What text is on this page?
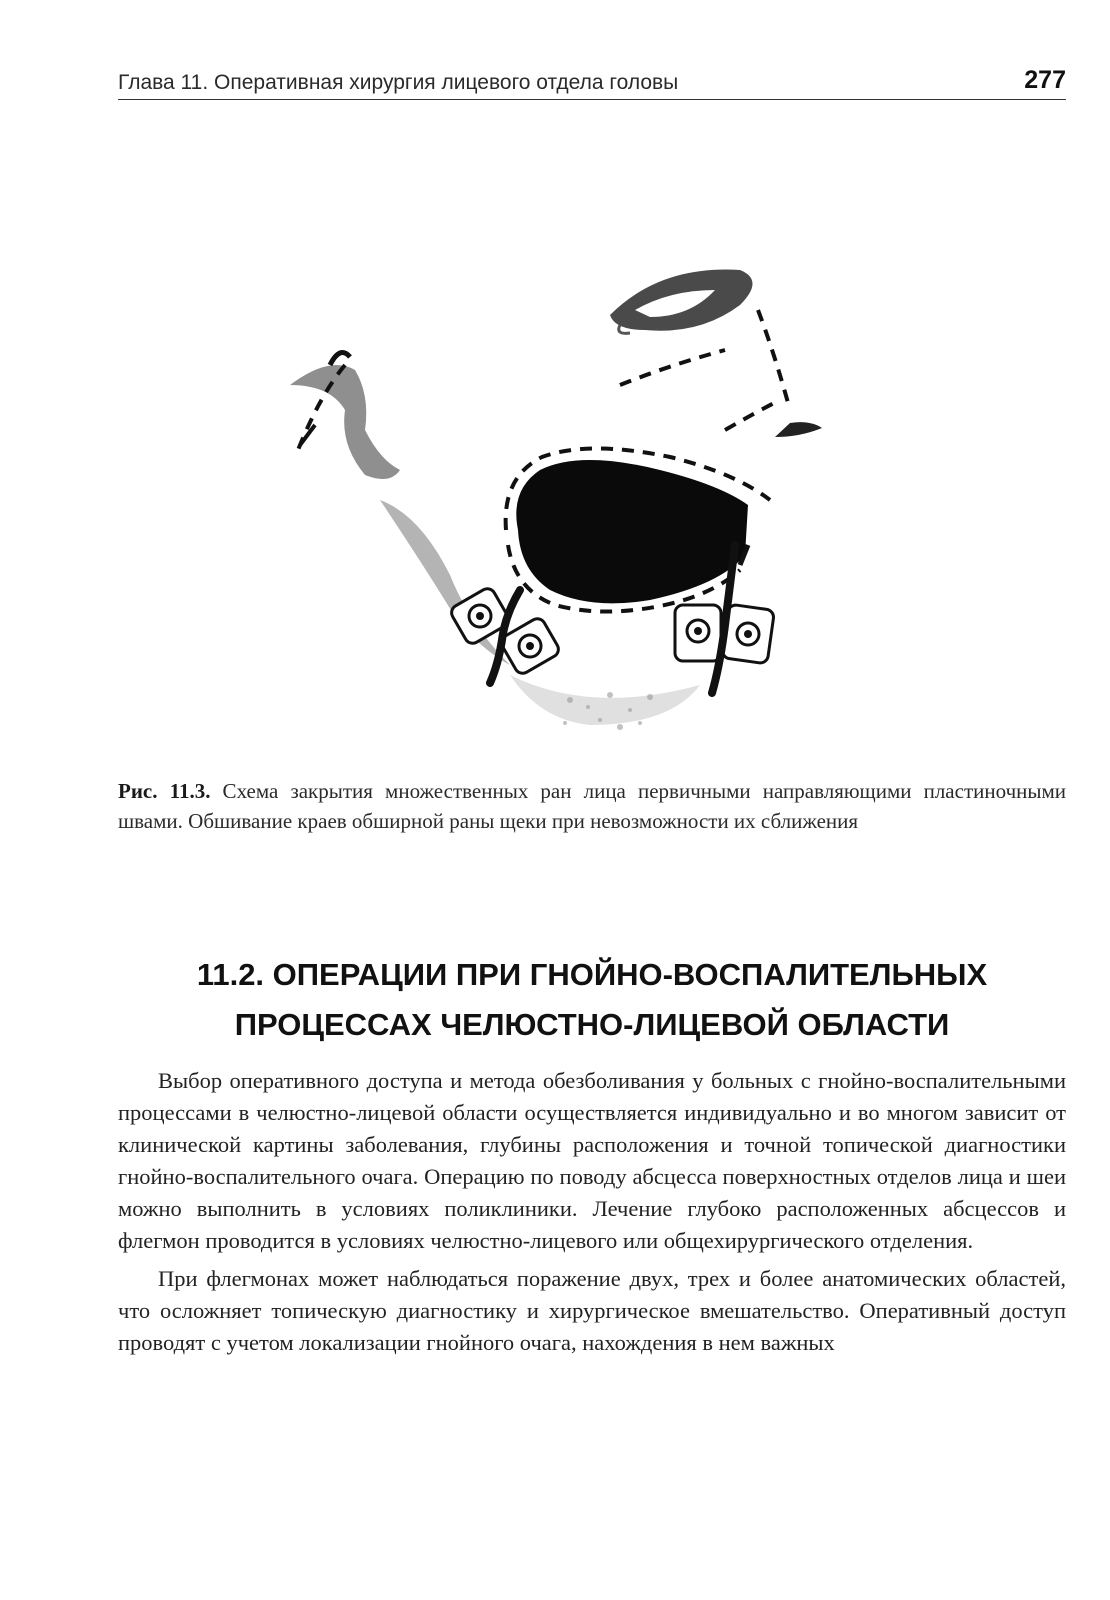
Глава 11. Оперативная хирургия лицевого отдела головы	277
Рис. 11.3. Схема закрытия множественных ран лица первичными направляющими пластиночными швами. Обшивание краев обширной раны щеки при невозможности их сближения
11.2. ОПЕРАЦИИ ПРИ ГНОЙНО-ВОСПАЛИТЕЛЬНЫХ
ПРОЦЕССАХ ЧЕЛЮСТНО-ЛИЦЕВОЙ ОБЛАСТИ

Выбор оперативного доступа и метода обезболивания у больных с гнойно-воспалительными процессами в челюстно-лицевой области осуществляется индивидуально и во многом зависит от клинической картины заболевания, глубины расположения и точной топической диагностики гнойно-воспалительного очага. Операцию по поводу абсцесса поверхностных отделов лица и шеи можно выполнить в условиях поликлиники. Лечение глубоко расположенных абсцессов и флегмон проводится в условиях челюстно-лицевого или общехирургического отделения.

При флегмонах может наблюдаться поражение двух, трех и более анатомических областей, что осложняет топическую диагностику и хирургическое вмешательство. Оперативный доступ проводят с учетом локализации гнойного очага, нахождения в нем важных
